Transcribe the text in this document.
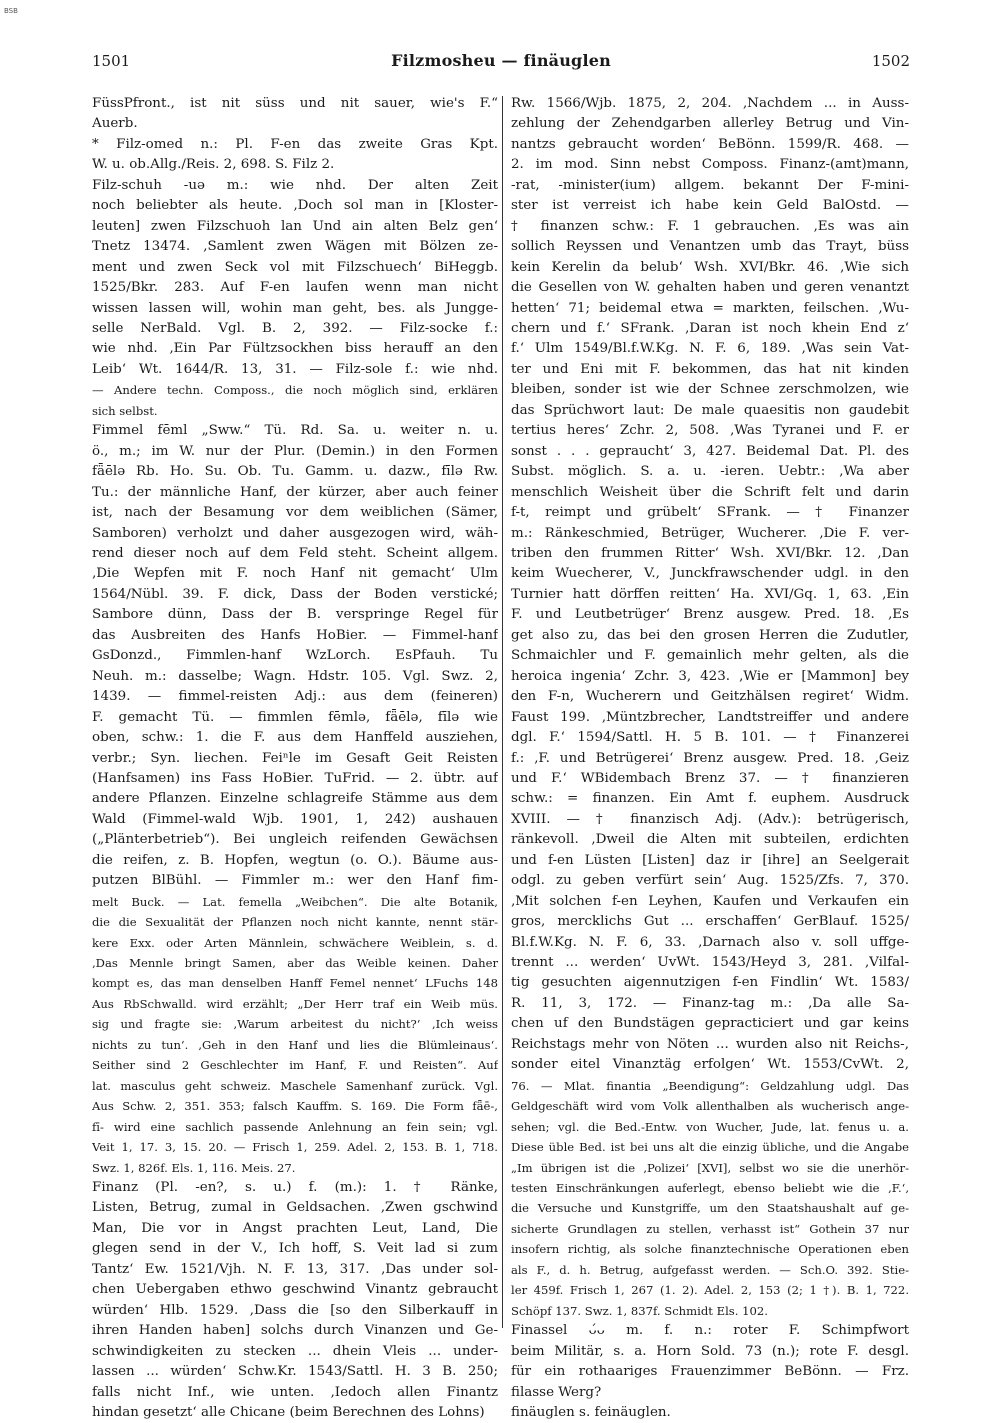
BSB
1501	Filzmosheu — finäuglen	1502
FüssPfront., ist nit süss und nit sauer, wie's F.“
Auerb.
* Filz-omed n.: Pl. F-en das zweite Gras Kpt.
W. u. ob.Allg./Reis. 2, 698. S. Filz 2.
Filz-schuh -uə m.: wie nhd. Der alten Zeit
noch beliebter als heute. ‚Doch sol man in [Kloster-
leuten] zwen Filzschuoh lan Und ain alten Belz gen‘
Tnetz 13474. ‚Samlent zwen Wägen mit Bölzen ze-
ment und zwen Seck vol mit Filzschuech‘ BiHeggb.
1525/Bkr. 283. Auf F-en laufen wenn man nicht
wissen lassen will, wohin man geht, bes. als Jungge-
selle NerBald. Vgl. B. 2, 392. — Filz-socke f.:
wie nhd. ‚Ein Par Fültzsockhen biss herauff an den
Leib‘ Wt. 1644/R. 13, 31. — Filz-sole f.: wie nhd.
— Andere techn. Composs., die noch möglich sind, erklären
sich selbst.
Fimmel fēml „Sww.“ Tü. Rd. Sa. u. weiter n. u.
ö., m.; im W. nur der Plur. (Demin.) in den Formen
fǟēlə Rb. Ho. Su. Ob. Tu. Gamm. u. dazw., fīlə Rw.
Tu.: der männliche Hanf, der kürzer, aber auch feiner
ist, nach der Besamung vor dem weiblichen (Sämer,
Samboren) verholzt und daher ausgezogen wird, wäh-
rend dieser noch auf dem Feld steht. Scheint allgem.
‚Die Wepfen mit F. noch Hanf nit gemacht‘ Ulm
1564/Nübl. 39. F. dick, Dass der Boden verstické;
Sambore dünn, Dass der B. verspringe Regel für
das Ausbreiten des Hanfs HoBier. — Fimmel-hanf
GsDonzd., Fimmlen-hanf WzLorch. EsPfauh. Tu
Neuh. m.: dasselbe; Wagn. Hdstr. 105. Vgl. Swz. 2,
1439. — fimmel-reisten Adj.: aus dem (feineren)
F. gemacht Tü. — fimmlen fēmlə, fǟēlə, fīlə wie
oben, schw.: 1. die F. aus dem Hanffeld ausziehen,
verbr.; Syn. liechen. Feiⁿle im Gesaft Geit Reisten
(Hanfsamen) ins Fass HoBier. TuFrid. — 2. übtr. auf
andere Pflanzen. Einzelne schlagreife Stämme aus dem
Wald (Fimmel-wald Wjb. 1901, 1, 242) aushauen
(„Plänterbetrieb“). Bei ungleich reifenden Gewächsen
die reifen, z. B. Hopfen, wegtun (o. O.). Bäume aus-
putzen BlBühl. — Fimmler m.: wer den Hanf fim-
melt Buck. — Lat. femella „Weibchen“. Die alte Botanik,
die die Sexualität der Pflanzen noch nicht kannte, nennt stär-
kere Exx. oder Arten Männlein, schwächere Weiblein, s. d.
‚Das Mennle bringt Samen, aber das Weible keinen. Daher
kompt es, das man denselben Hanff Femel nennet‘ LFuchs 148
Aus RbSchwalld. wird erzählt; „Der Herr traf ein Weib müs.
sig und fragte sie: ‚Warum arbeitest du nicht?‘ ‚Ich weiss
nichts zu tun‘. ‚Geh in den Hanf und lies die Blümleinaus‘.
Seither sind 2 Geschlechter im Hanf, F. und Reisten“. Auf
lat. masculus geht schweiz. Maschele Samenhanf zurück. Vgl.
Aus Schw. 2, 351. 353; falsch Kauffm. S. 169. Die Form fǟē-,
fī- wird eine sachlich passende Anlehnung an fein sein; vgl.
Veit 1, 17. 3, 15. 20. — Frisch 1, 259. Adel. 2, 153. B. 1, 718.
Swz. 1, 826f. Els. 1, 116. Meis. 27.
Finanz (Pl. -en?, s. u.) f. (m.): 1. † Ränke,
Listen, Betrug, zumal in Geldsachen. ‚Zwen gschwind
Man, Die vor in Angst prachten Leut, Land, Die
glegen send in der V., Ich hoff, S. Veit lad si zum
Tantz‘ Ew. 1521/Vjh. N. F. 13, 317. ‚Das under sol-
chen Uebergaben ethwo geschwind Vinantz gebraucht
würden‘ Hlb. 1529. ‚Dass die [so den Silberkauff in
ihren Handen haben] solchs durch Vinanzen und Ge-
schwindigkeiten zu stecken ... dhein Vleis ... under-
lassen ... würden‘ Schw.Kr. 1543/Sattl. H. 3 B. 250;
falls nicht Inf., wie unten. ‚Iedoch allen Finantz
hindan gesetzt‘ alle Chicane (beim Berechnen des Lohns)
Rw. 1566/Wjb. 1875, 2, 204. ‚Nachdem ... in Auss-
zehlung der Zehendgarben allerley Betrug und Vin-
nantzs gebraucht worden‘ BeBönn. 1599/R. 468. —
2. im mod. Sinn nebst Composs. Finanz-(amt)mann,
-rat, -minister(ium) allgem. bekannt Der F-mini-
ster ist verreist ich habe kein Geld BalOstd. —
† finanzen schw.: F. 1 gebrauchen. ‚Es was ain
sollich Reyssen und Venantzen umb das Trayt, büss
kein Kerelin da belub‘ Wsh. XVI/Bkr. 46. ‚Wie sich
die Gesellen von W. gehalten haben und geren venantzt
hetten‘ 71; beidemal etwa = markten, feilschen. ‚Wu-
chern und f.‘ SFrank. ‚Daran ist noch khein End z‘
f.‘ Ulm 1549/Bl.f.W.Kg. N. F. 6, 189. ‚Was sein Vat-
ter und Eni mit F. bekommen, das hat nit kinden
bleiben, sonder ist wie der Schnee zerschmolzen, wie
das Sprüchwort laut: De male quaesitis non gaudebit
tertius heres‘ Zchr. 2, 508. ‚Was Tyranei und F. er
sonst . . . gepraucht‘ 3, 427. Beidemal Dat. Pl. des
Subst. möglich. S. a. u. -ieren. Uebtr.: ‚Wa aber
menschlich Weisheit über die Schrift felt und darin
f-t, reimpt und grübelt‘ SFrank. — † Finanzer
m.: Ränkeschmied, Betrüger, Wucherer. ‚Die F. ver-
triben den frummen Ritter‘ Wsh. XVI/Bkr. 12. ‚Dan
keim Wuecherer, V., Junckfrawschender udgl. in den
Turnier hatt dörffen reitten‘ Ha. XVI/Gq. 1, 63. ‚Ein
F. und Leutbetrüger‘ Brenz ausgew. Pred. 18. ‚Es
get also zu, das bei den grosen Herren die Zudutler,
Schmaichler und F. gemainlich mehr gelten, als die
heroica ingenia‘ Zchr. 3, 423. ‚Wie er [Mammon] bey
den F-n, Wucherern und Geitzhälsen regiret‘ Widm.
Faust 199. ‚Müntzbrecher, Landtstreiffer und andere
dgl. F.‘ 1594/Sattl. H. 5 B. 101. — † Finanzerei
f.: ‚F. und Betrügerei‘ Brenz ausgew. Pred. 18. ‚Geiz
und F.‘ WBidembach Brenz 37. — † finanzieren
schw.: = finanzen. Ein Amt f. euphem. Ausdruck
XVIII. — † finanzisch Adj. (Adv.): betrügerisch,
ränkevoll. ‚Dweil die Alten mit subteilen, erdichten
und f-en Lüsten [Listen] daz ir [ihre] an Seelgerait
odgl. zu geben verfürt sein‘ Aug. 1525/Zfs. 7, 370.
‚Mit solchen f-en Leyhen, Kaufen und Verkaufen ein
gros, mercklichs Gut ... erschaffen‘ GerBlauf. 1525/
Bl.f.W.Kg. N. F. 6, 33. ‚Darnach also v. soll uffge-
trennt ... werden‘ UvWt. 1543/Heyd 3, 281. ‚Vilfal-
tig gesuchten aigennutzigen f-en Findlin‘ Wt. 1583/
R. 11, 3, 172. — Finanz-tag m.: ‚Da alle Sa-
chen uf den Bundstägen gepracticiert und gar keins
Reichstags mehr von Nöten ... wurden also nit Reichs-,
sonder eitel Vinanztäg erfolgen‘ Wt. 1553/CvWt. 2,
76. — Mlat. finantia „Beendigung“: Geldzahlung udgl. Das
Geldgeschäft wird vom Volk allenthalben als wucherisch ange-
sehen; vgl. die Bed.-Entw. von Wucher, Jude, lat. fenus u. a.
Diese üble Bed. ist bei uns alt die einzig übliche, und die Angabe
„Im übrigen ist die ‚Polizei‘ [XVI], selbst wo sie die unerhör-
testen Einschränkungen auferlegt, ebenso beliebt wie die ‚F.‘,
die Versuche und Kunstgriffe, um den Staatshaushalt auf ge-
sicherte Grundlagen zu stellen, verhasst ist“ Gothein 37 nur
insofern richtig, als solche finanztechnische Operationen eben
als F., d. h. Betrug, aufgefasst werden. — Sch.O. 392. Stie-
ler 459f. Frisch 1, 267 (1. 2). Adel. 2, 153 (2; 1 †). B. 1, 722.
Schöpf 137. Swz. 1, 837f. Schmidt Els. 102.
Finassel ᴗ́ᴗ m. f. n.: roter F. Schimpfwort
beim Militär, s. a. Horn Sold. 73 (n.); rote F. desgl.
für ein rothaariges Frauenzimmer BeBönn. — Frz.
filasse Werg?
finäuglen s. feinäuglen.
